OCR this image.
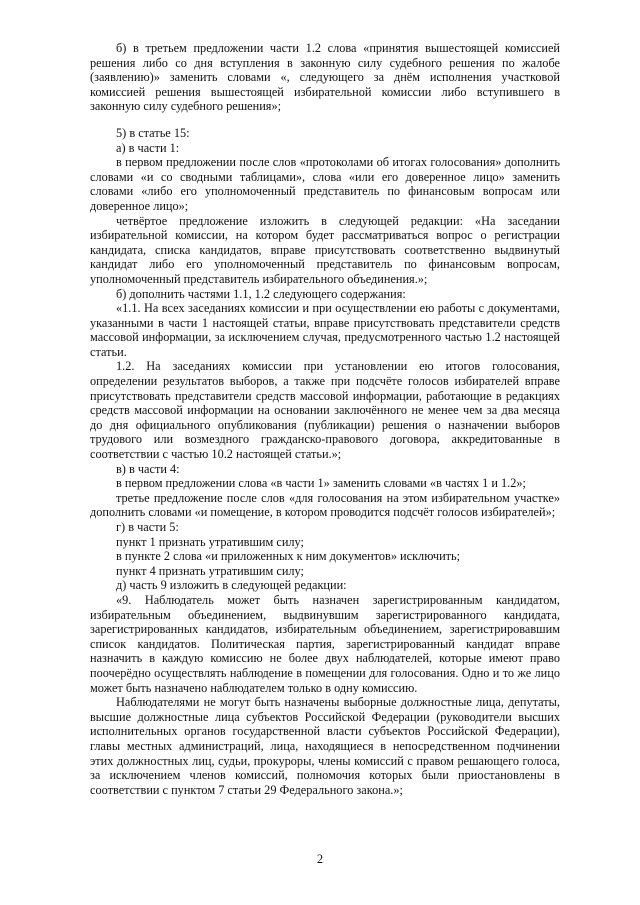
б) в третьем предложении части 1.2 слова «принятия вышестоящей комиссией решения либо со дня вступления в законную силу судебного решения по жалобе (заявлению)» заменить словами «, следующего за днём исполнения участковой комиссией решения вышестоящей избирательной комиссии либо вступившего в законную силу судебного решения»;

5) в статье 15:

а) в части 1:

в первом предложении после слов «протоколами об итогах голосования» дополнить словами «и со сводными таблицами», слова «или его доверенное лицо» заменить словами «либо его уполномоченный представитель по финансовым вопросам или доверенное лицо»;

четвёртое предложение изложить в следующей редакции: «На заседании избирательной комиссии, на котором будет рассматриваться вопрос о регистрации кандидата, списка кандидатов, вправе присутствовать соответственно выдвинутый кандидат либо его уполномоченный представитель по финансовым вопросам, уполномоченный представитель избирательного объединения.»;

б) дополнить частями 1.1, 1.2 следующего содержания:

«1.1. На всех заседаниях комиссии и при осуществлении ею работы с документами, указанными в части 1 настоящей статьи, вправе присутствовать представители средств массовой информации, за исключением случая, предусмотренного частью 1.2 настоящей статьи.

1.2. На заседаниях комиссии при установлении ею итогов голосования, определении результатов выборов, а также при подсчёте голосов избирателей вправе присутствовать представители средств массовой информации, работающие в редакциях средств массовой информации на основании заключённого не менее чем за два месяца до дня официального опубликования (публикации) решения о назначении выборов трудового или возмездного гражданско-правового договора, аккредитованные в соответствии с частью 10.2 настоящей статьи.»;

в) в части 4:

в первом предложении слова «в части 1» заменить словами «в частях 1 и 1.2»;

третье предложение после слов «для голосования на этом избирательном участке» дополнить словами «и помещение, в котором проводится подсчёт голосов избирателей»;

г) в части 5:

пункт 1 признать утратившим силу;

в пункте 2 слова «и приложенных к ним документов» исключить;

пункт 4 признать утратившим силу;

д) часть 9 изложить в следующей редакции:

«9. Наблюдатель может быть назначен зарегистрированным кандидатом, избирательным объединением, выдвинувшим зарегистрированного кандидата, зарегистрированных кандидатов, избирательным объединением, зарегистрировавшим список кандидатов. Политическая партия, зарегистрированный кандидат вправе назначить в каждую комиссию не более двух наблюдателей, которые имеют право поочерёдно осуществлять наблюдение в помещении для голосования. Одно и то же лицо может быть назначено наблюдателем только в одну комиссию.

Наблюдателями не могут быть назначены выборные должностные лица, депутаты, высшие должностные лица субъектов Российской Федерации (руководители высших исполнительных органов государственной власти субъектов Российской Федерации), главы местных администраций, лица, находящиеся в непосредственном подчинении этих должностных лиц, судьи, прокуроры, члены комиссий с правом решающего голоса, за исключением членов комиссий, полномочия которых были приостановлены в соответствии с пунктом 7 статьи 29 Федерального закона.»;

2
